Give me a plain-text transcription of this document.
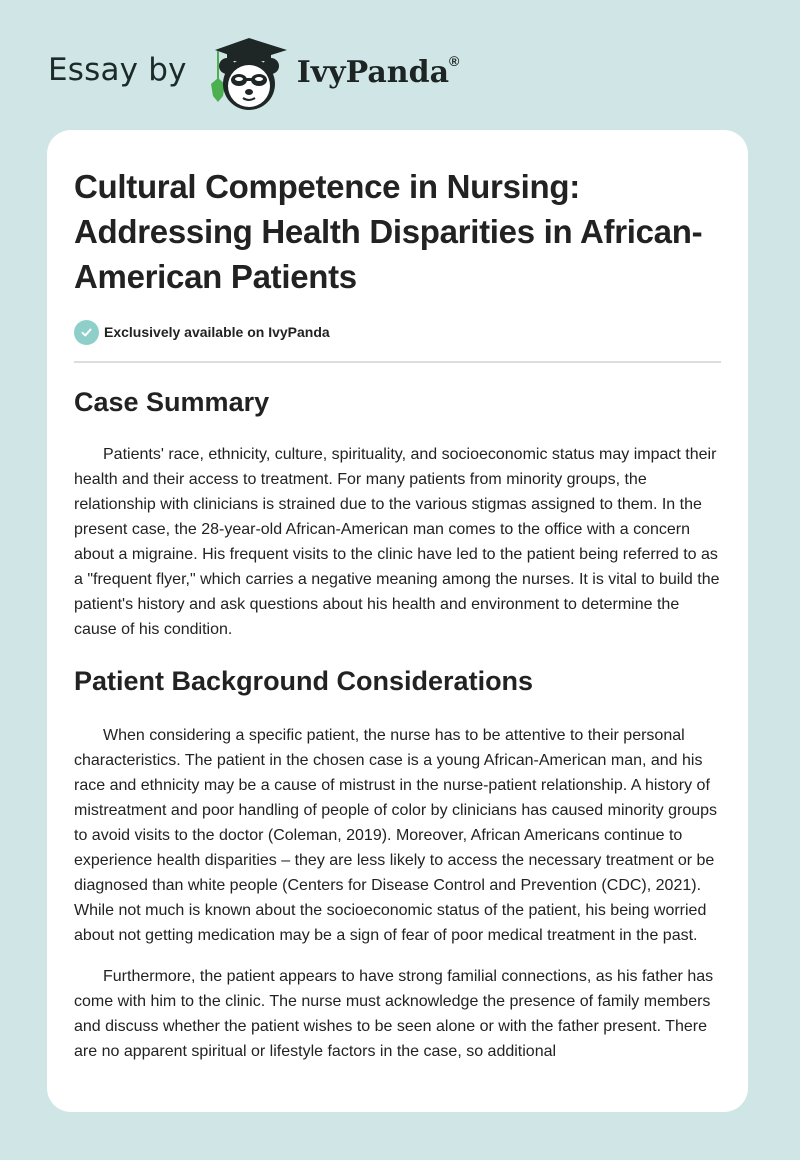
Essay by	IvyPanda®
Cultural Competence in Nursing: Addressing Health Disparities in African-American Patients
Exclusively available on IvyPanda
Case Summary

Patients' race, ethnicity, culture, spirituality, and socioeconomic status may impact their health and their access to treatment. For many patients from minority groups, the relationship with clinicians is strained due to the various stigmas assigned to them. In the present case, the 28-year-old African-American man comes to the office with a concern about a migraine. His frequent visits to the clinic have led to the patient being referred to as a "frequent flyer," which carries a negative meaning among the nurses. It is vital to build the patient's history and ask questions about his health and environment to determine the cause of his condition.

Patient Background Considerations

When considering a specific patient, the nurse has to be attentive to their personal characteristics. The patient in the chosen case is a young African-American man, and his race and ethnicity may be a cause of mistrust in the nurse-patient relationship. A history of mistreatment and poor handling of people of color by clinicians has caused minority groups to avoid visits to the doctor (Coleman, 2019). Moreover, African Americans continue to experience health disparities – they are less likely to access the necessary treatment or be diagnosed than white people (Centers for Disease Control and Prevention (CDC), 2021). While not much is known about the socioeconomic status of the patient, his being worried about not getting medication may be a sign of fear of poor medical treatment in the past.

Furthermore, the patient appears to have strong familial connections, as his father has come with him to the clinic. The nurse must acknowledge the presence of family members and discuss whether the patient wishes to be seen alone or with the father present. There are no apparent spiritual or lifestyle factors in the case, so additional
